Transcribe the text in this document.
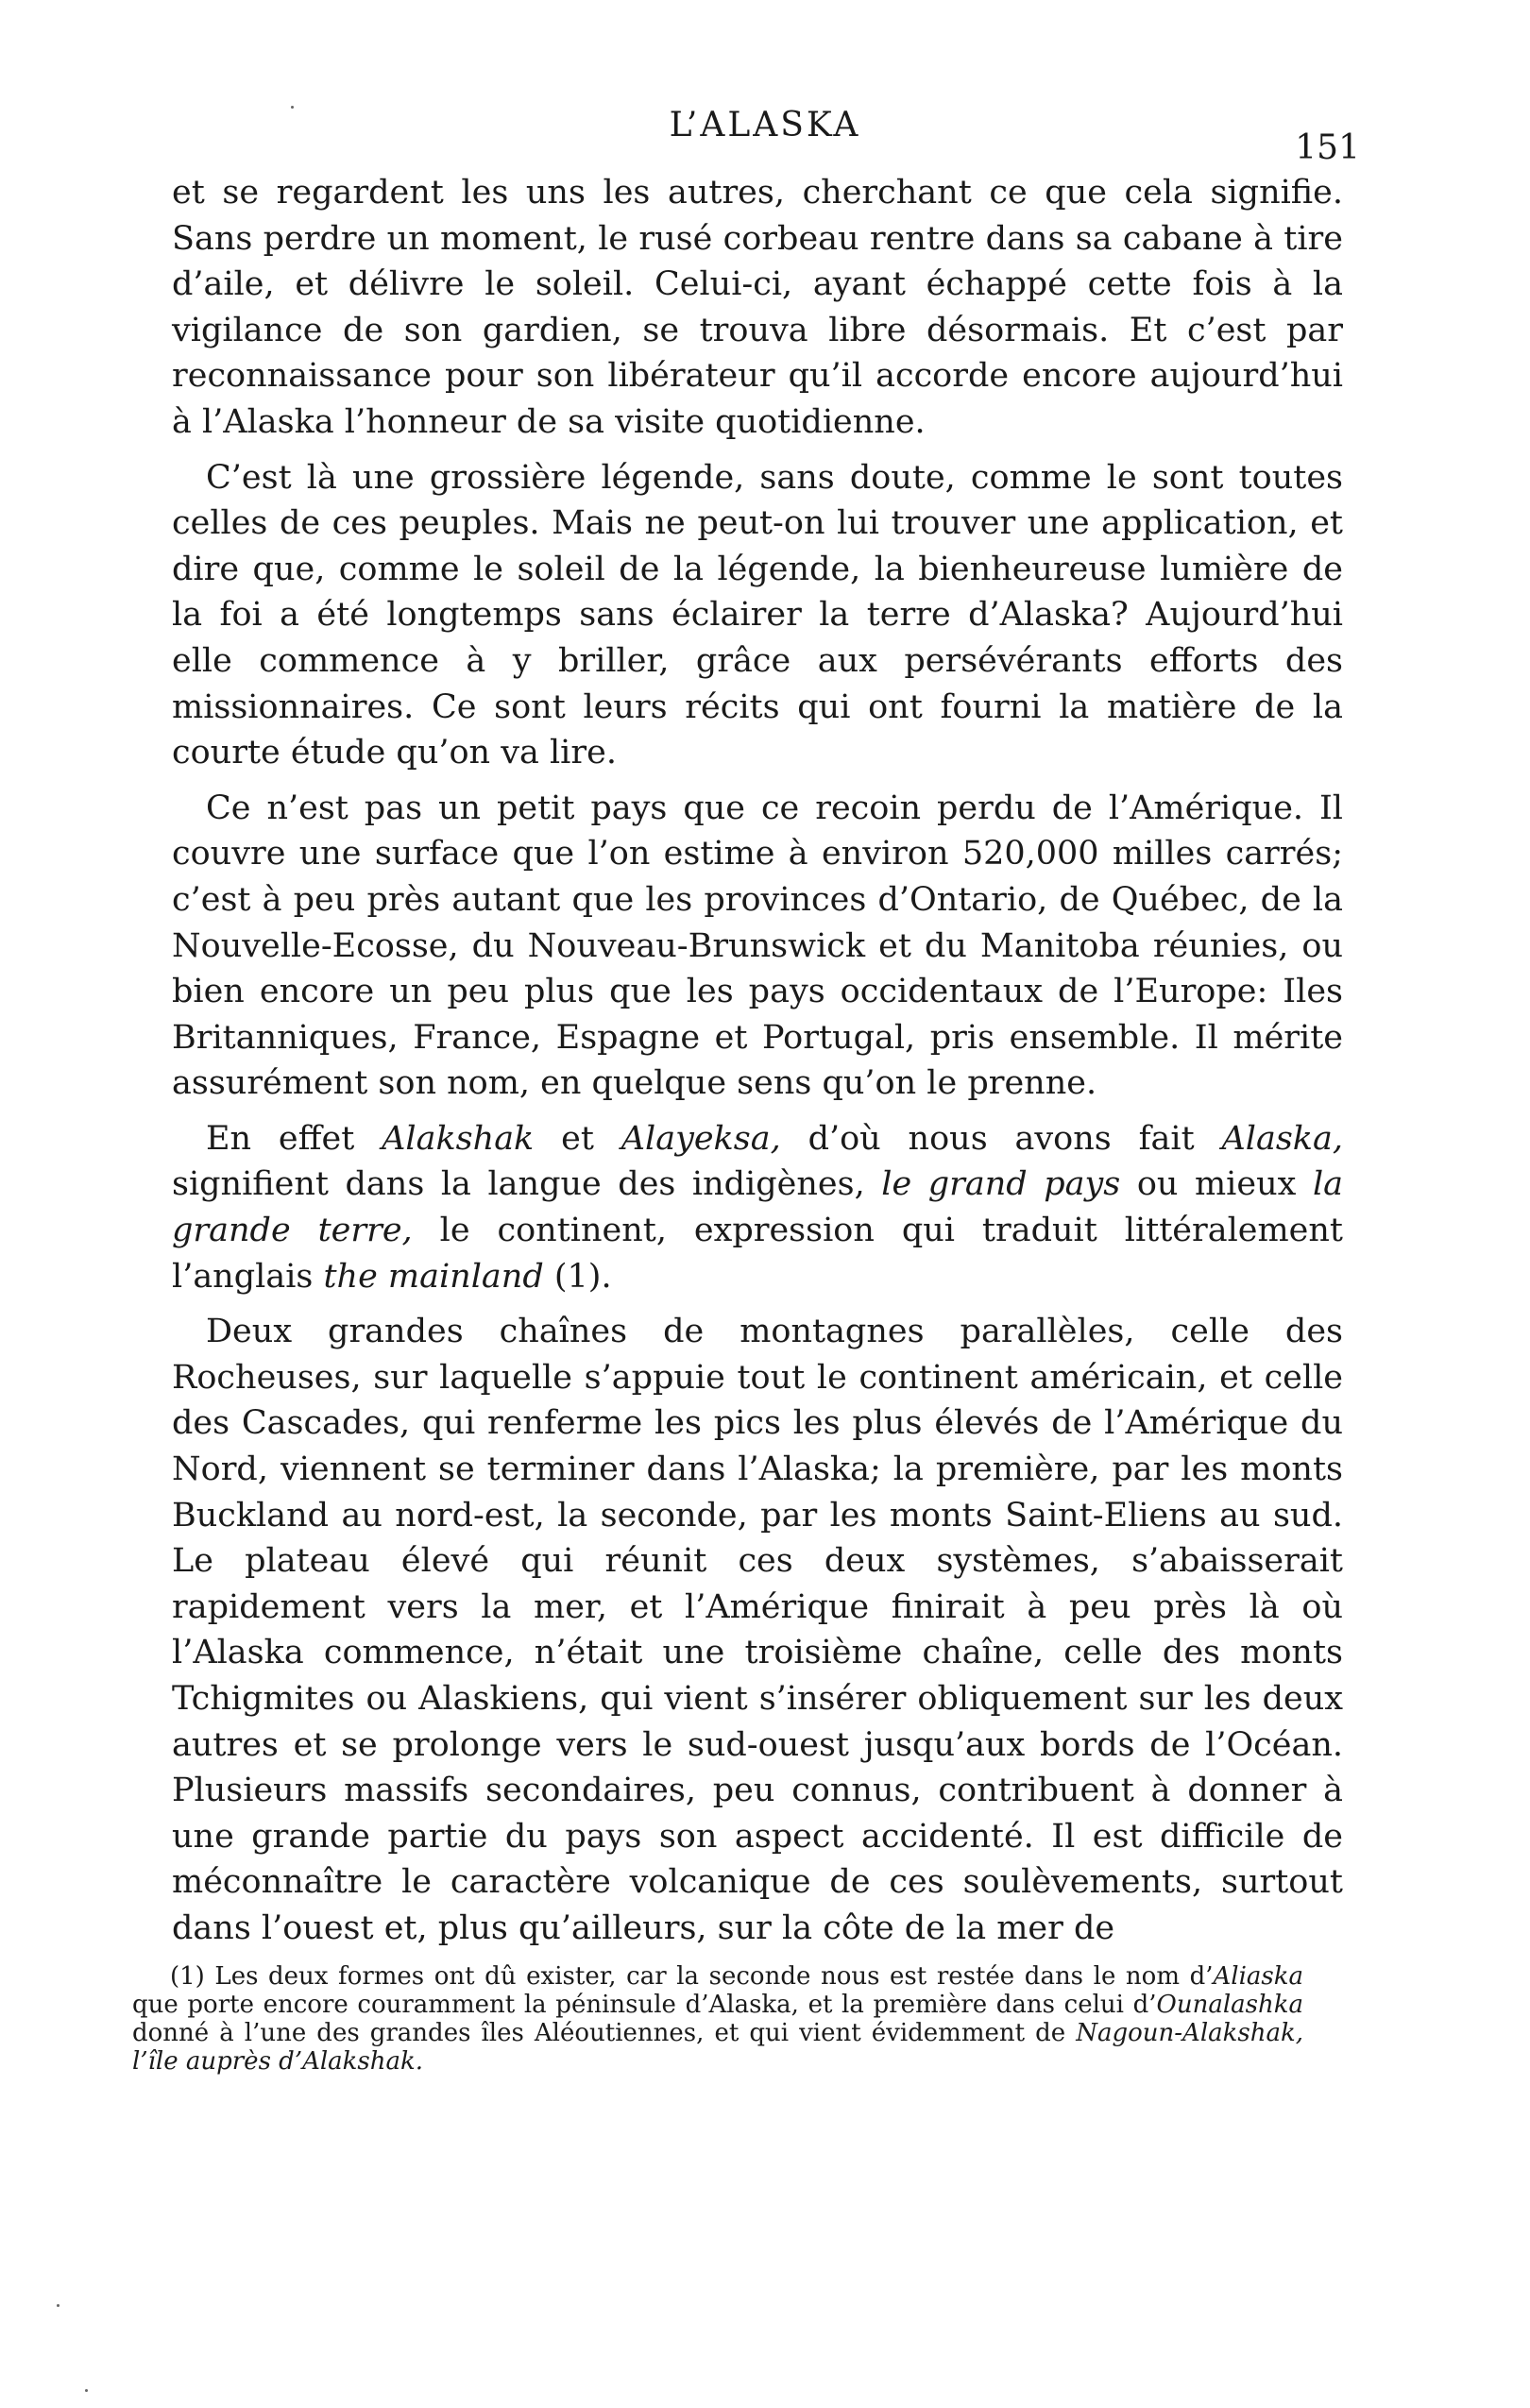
L’ALASKA
151

et se regardent les uns les autres, cherchant ce que cela signifie. Sans perdre un moment, le rusé corbeau rentre dans sa cabane à tire d’aile, et délivre le soleil. Celui-ci, ayant échappé cette fois à la vigilance de son gardien, se trouva libre désormais. Et c’est par reconnaissance pour son libérateur qu’il accorde encore aujourd’hui à l’Alaska l’honneur de sa visite quotidienne.

C’est là une grossière légende, sans doute, comme le sont toutes celles de ces peuples. Mais ne peut-on lui trouver une application, et dire que, comme le soleil de la légende, la bienheureuse lumière de la foi a été longtemps sans éclairer la terre d’Alaska? Aujourd’hui elle commence à y briller, grâce aux persévérants efforts des missionnaires. Ce sont leurs récits qui ont fourni la matière de la courte étude qu’on va lire.

Ce n’est pas un petit pays que ce recoin perdu de l’Amérique. Il couvre une surface que l’on estime à environ 520,000 milles carrés; c’est à peu près autant que les provinces d’Ontario, de Québec, de la Nouvelle-Ecosse, du Nouveau-Brunswick et du Manitoba réunies, ou bien encore un peu plus que les pays occidentaux de l’Europe: Iles Britanniques, France, Espagne et Portugal, pris ensemble. Il mérite assurément son nom, en quelque sens qu’on le prenne.

En effet Alakshak et Alayeksa, d’où nous avons fait Alaska, signifient dans la langue des indigènes, le grand pays ou mieux la grande terre, le continent, expression qui traduit littéralement l’anglais the mainland (1).

Deux grandes chaînes de montagnes parallèles, celle des Rocheuses, sur laquelle s’appuie tout le continent américain, et celle des Cascades, qui renferme les pics les plus élevés de l’Amérique du Nord, viennent se terminer dans l’Alaska; la première, par les monts Buckland au nord-est, la seconde, par les monts Saint-Eliens au sud. Le plateau élevé qui réunit ces deux systèmes, s’abaisserait rapidement vers la mer, et l’Amérique finirait à peu près là où l’Alaska commence, n’était une troisième chaîne, celle des monts Tchigmites ou Alaskiens, qui vient s’insérer obliquement sur les deux autres et se prolonge vers le sud-ouest jusqu’aux bords de l’Océan. Plusieurs massifs secondaires, peu connus, contribuent à donner à une grande partie du pays son aspect accidenté. Il est difficile de méconnaître le caractère volcanique de ces soulèvements, surtout dans l’ouest et, plus qu’ailleurs, sur la côte de la mer de

(1) Les deux formes ont dû exister, car la seconde nous est restée dans le nom d’Aliaska que porte encore couramment la péninsule d’Alaska, et la première dans celui d’Ounalashka donné à l’une des grandes îles Aléoutiennes, et qui vient évidemment de Nagoun-Alakshak, l’île auprès d’Alakshak.
